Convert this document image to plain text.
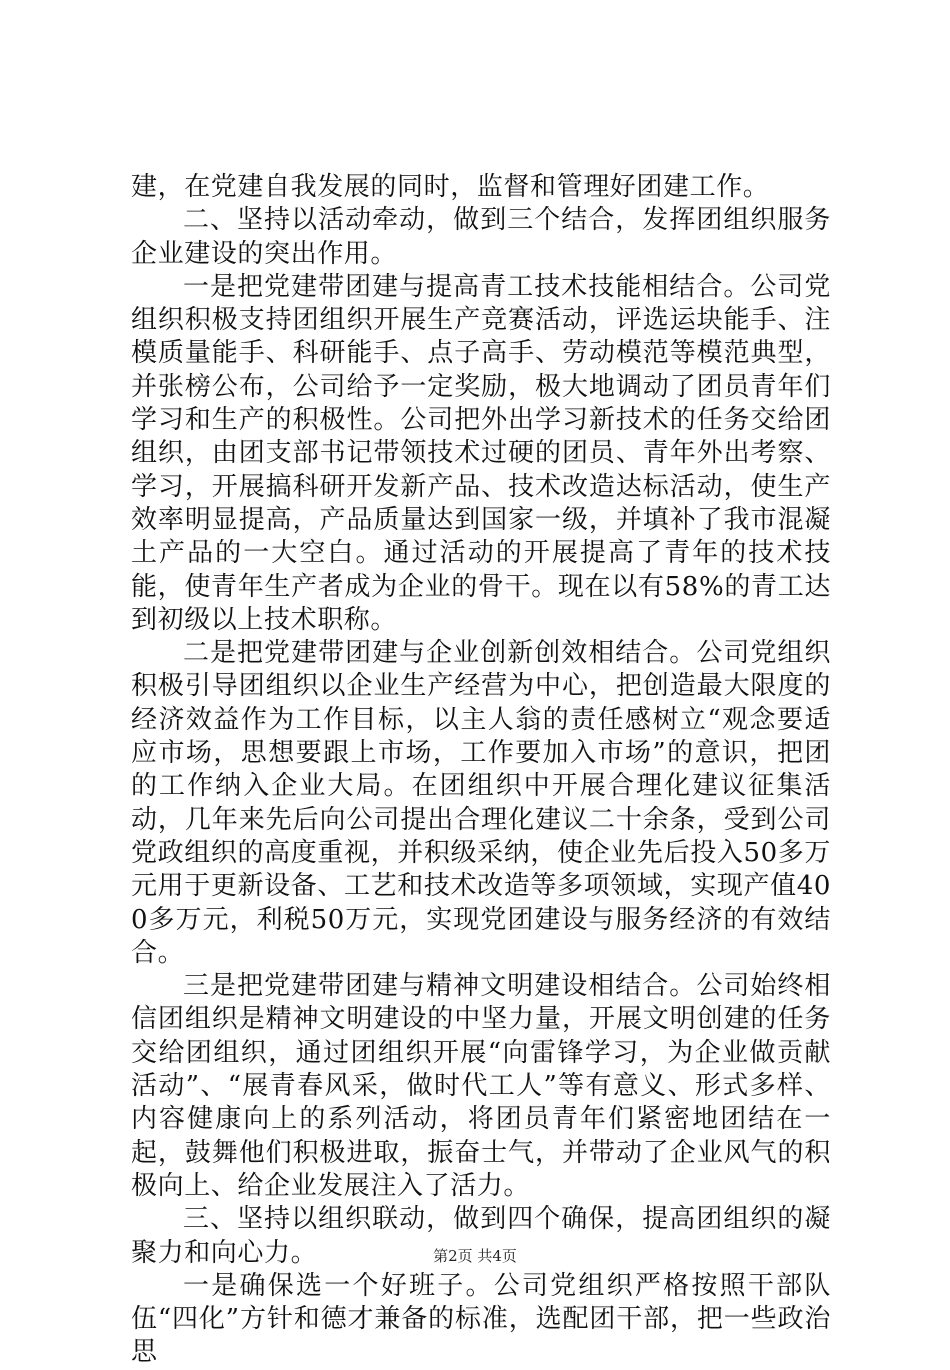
建，在党建自我发展的同时，监督和管理好团建工作。

二、坚持以活动牵动，做到三个结合，发挥团组织服务企业建设的突出作用。

一是把党建带团建与提高青工技术技能相结合。公司党组织积极支持团组织开展生产竞赛活动，评选运块能手、注模质量能手、科研能手、点子高手、劳动模范等模范典型，并张榜公布，公司给予一定奖励，极大地调动了团员青年们学习和生产的积极性。公司把外出学习新技术的任务交给团组织，由团支部书记带领技术过硬的团员、青年外出考察、学习，开展搞科研开发新产品、技术改造达标活动，使生产效率明显提高，产品质量达到国家一级，并填补了我市混凝土产品的一大空白。通过活动的开展提高了青年的技术技能，使青年生产者成为企业的骨干。现在以有58%的青工达到初级以上技术职称。

二是把党建带团建与企业创新创效相结合。公司党组织积极引导团组织以企业生产经营为中心，把创造最大限度的经济效益作为工作目标，以主人翁的责任感树立“观念要适应市场，思想要跟上市场，工作要加入市场”的意识，把团的工作纳入企业大局。在团组织中开展合理化建议征集活动，几年来先后向公司提出合理化建议二十余条，受到公司党政组织的高度重视，并积级采纳，使企业先后投入50多万元用于更新设备、工艺和技术改造等多项领域，实现产值400多万元，利税50万元，实现党团建设与服务经济的有效结合。

三是把党建带团建与精神文明建设相结合。公司始终相信团组织是精神文明建设的中坚力量，开展文明创建的任务交给团组织，通过团组织开展“向雷锋学习，为企业做贡献活动”、“展青春风采，做时代工人”等有意义、形式多样、内容健康向上的系列活动，将团员青年们紧密地团结在一起，鼓舞他们积极进取，振奋士气，并带动了企业风气的积极向上、给企业发展注入了活力。

三、坚持以组织联动，做到四个确保，提高团组织的凝聚力和向心力。

一是确保选一个好班子。公司党组织严格按照干部队伍“四化”方针和德才兼备的标准，选配团干部，把一些政治思

第2页 共4页
